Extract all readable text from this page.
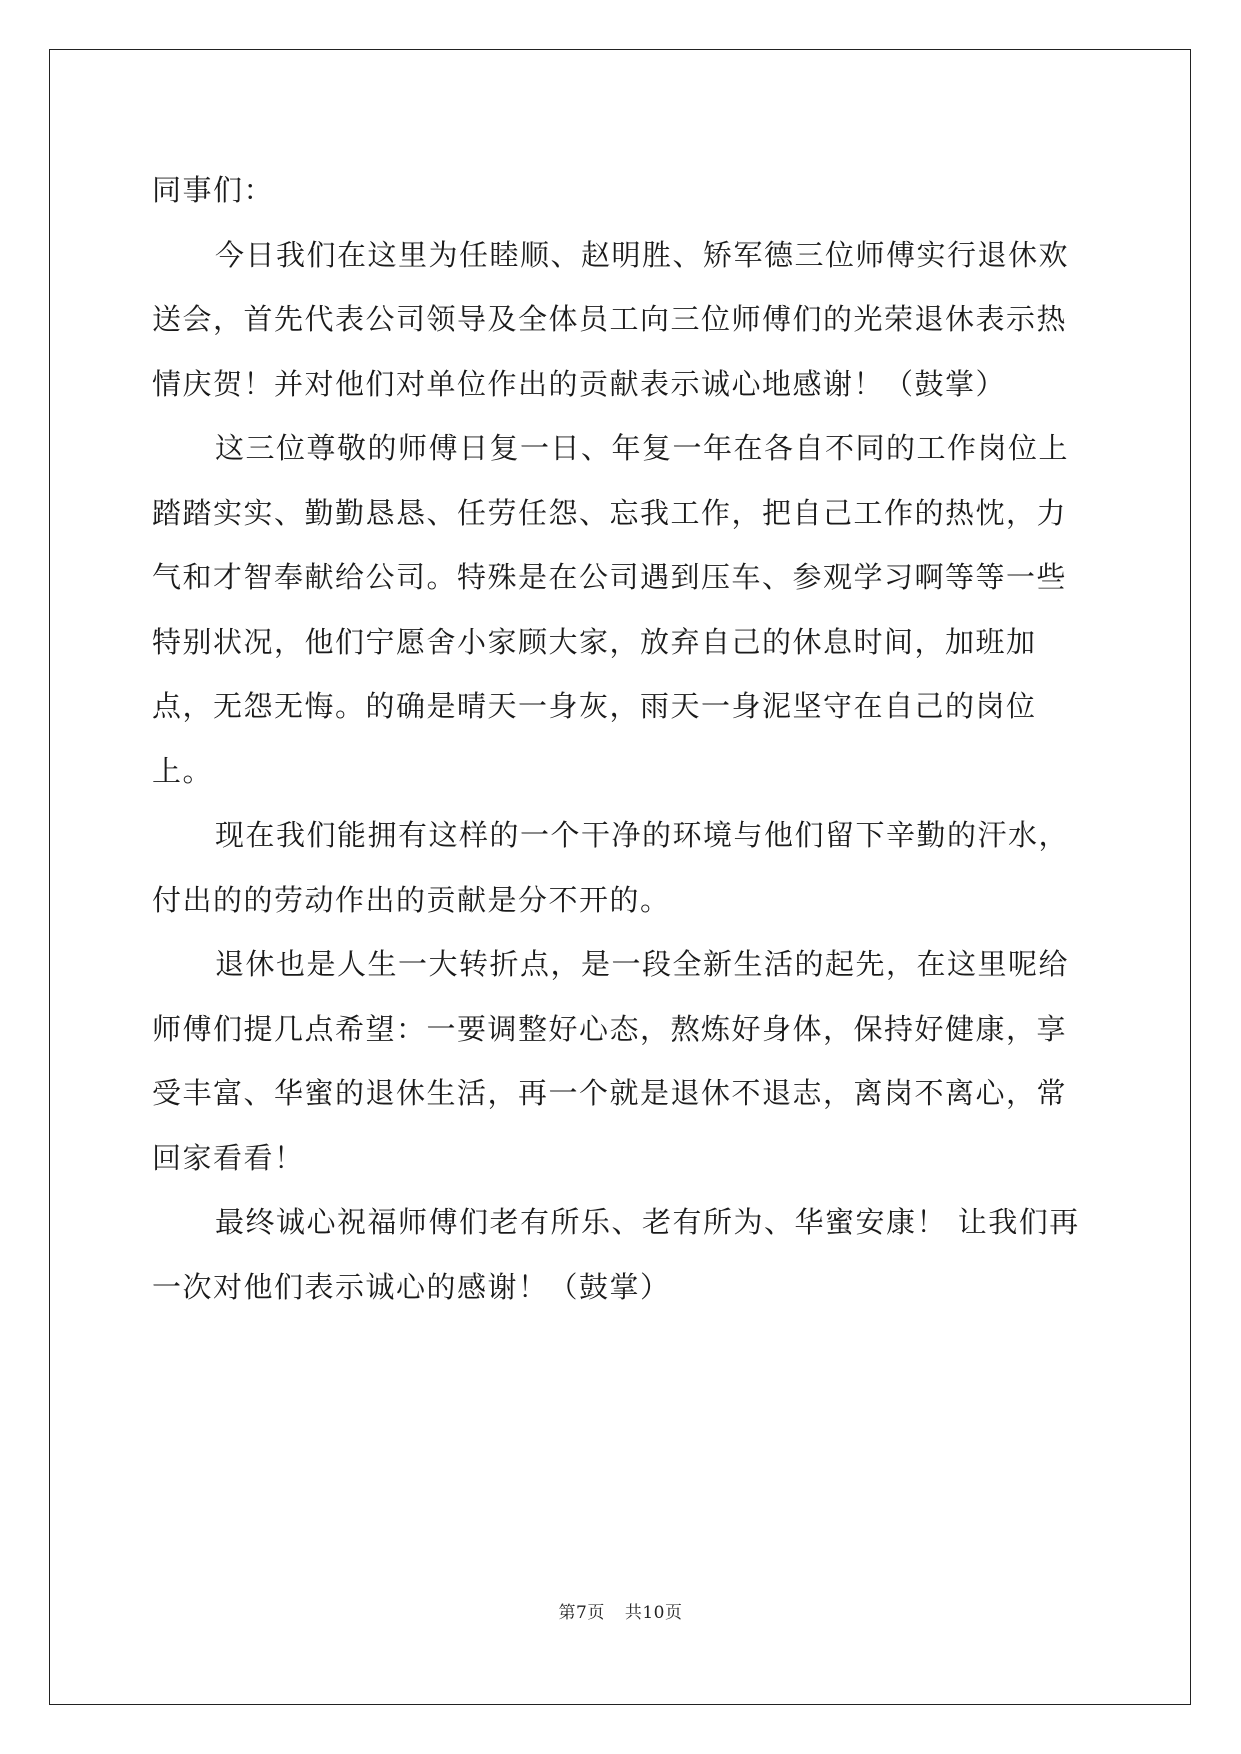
同事们：

今日我们在这里为任睦顺、赵明胜、矫军德三位师傅实行退休欢送会，首先代表公司领导及全体员工向三位师傅们的光荣退休表示热情庆贺！并对他们对单位作出的贡献表示诚心地感谢！（鼓掌）

这三位尊敬的师傅日复一日、年复一年在各自不同的工作岗位上踏踏实实、勤勤恳恳、任劳任怨、忘我工作，把自己工作的热忱，力气和才智奉献给公司。特殊是在公司遇到压车、参观学习啊等等一些特别状况，他们宁愿舍小家顾大家，放弃自己的休息时间，加班加点，无怨无悔。的确是晴天一身灰，雨天一身泥坚守在自己的岗位上。

现在我们能拥有这样的一个干净的环境与他们留下辛勤的汗水，付出的的劳动作出的贡献是分不开的。

退休也是人生一大转折点，是一段全新生活的起先，在这里呢给师傅们提几点希望：一要调整好心态，熬炼好身体，保持好健康，享受丰富、华蜜的退休生活，再一个就是退休不退志，离岗不离心，常回家看看！

最终诚心祝福师傅们老有所乐、老有所为、华蜜安康！ 让我们再一次对他们表示诚心的感谢！（鼓掌）

第7页 共10页
